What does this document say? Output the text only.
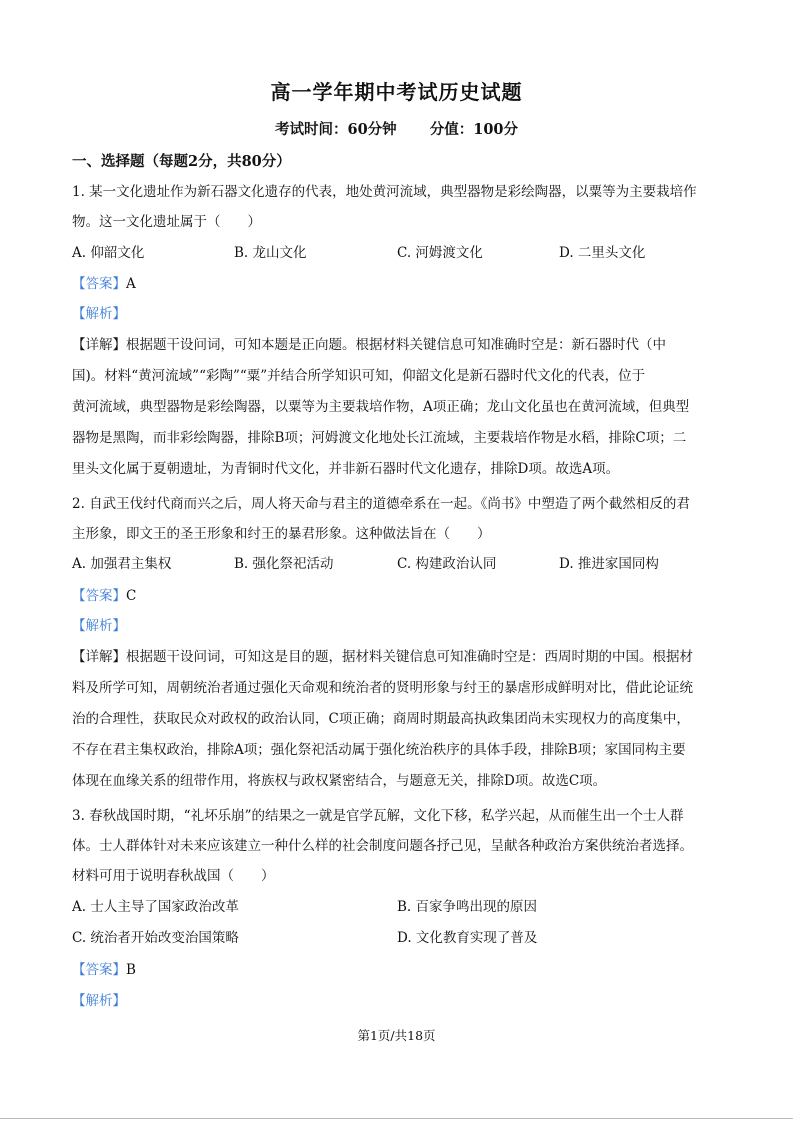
高一学年期中考试历史试题
考试时间：60分钟 分值：100分
一、选择题（每题2分，共80分）
1. 某一文化遗址作为新石器文化遗存的代表，地处黄河流域，典型器物是彩绘陶器，以粟等为主要栽培作
物。这一文化遗址属于（　　）
A. 仰韶文化	B. 龙山文化	C. 河姆渡文化	D. 二里头文化
【答案】A
【解析】
【详解】根据题干设问词，可知本题是正向题。根据材料关键信息可知准确时空是：新石器时代（中
国)。材料“黄河流域”“彩陶”“粟”并结合所学知识可知，仰韶文化是新石器时代文化的代表，位于
黄河流域，典型器物是彩绘陶器，以粟等为主要栽培作物，A项正确；龙山文化虽也在黄河流域，但典型
器物是黑陶，而非彩绘陶器，排除B项；河姆渡文化地处长江流域，主要栽培作物是水稻，排除C项；二
里头文化属于夏朝遗址，为青铜时代文化，并非新石器时代文化遗存，排除D项。故选A项。
2. 自武王伐纣代商而兴之后，周人将天命与君主的道德牵系在一起。《尚书》中塑造了两个截然相反的君
主形象，即文王的圣王形象和纣王的暴君形象。这种做法旨在（　　）
A. 加强君主集权	B. 强化祭祀活动	C. 构建政治认同	D. 推进家国同构
【答案】C
【解析】
【详解】根据题干设问词，可知这是目的题，据材料关键信息可知准确时空是：西周时期的中国。根据材
料及所学可知，周朝统治者通过强化天命观和统治者的贤明形象与纣王的暴虐形成鲜明对比，借此论证统
治的合理性，获取民众对政权的政治认同，C项正确；商周时期最高执政集团尚未实现权力的高度集中，
不存在君主集权政治，排除A项；强化祭祀活动属于强化统治秩序的具体手段，排除B项；家国同构主要
体现在血缘关系的纽带作用，将族权与政权紧密结合，与题意无关，排除D项。故选C项。
3. 春秋战国时期，“礼坏乐崩”的结果之一就是官学瓦解，文化下移，私学兴起，从而催生出一个士人群
体。士人群体针对未来应该建立一种什么样的社会制度问题各抒己见，呈献各种政治方案供统治者选择。
材料可用于说明春秋战国（　　）
A. 士人主导了国家政治改革	B. 百家争鸣出现的原因
C. 统治者开始改变治国策略	D. 文化教育实现了普及
【答案】B
【解析】
第1页/共18页
